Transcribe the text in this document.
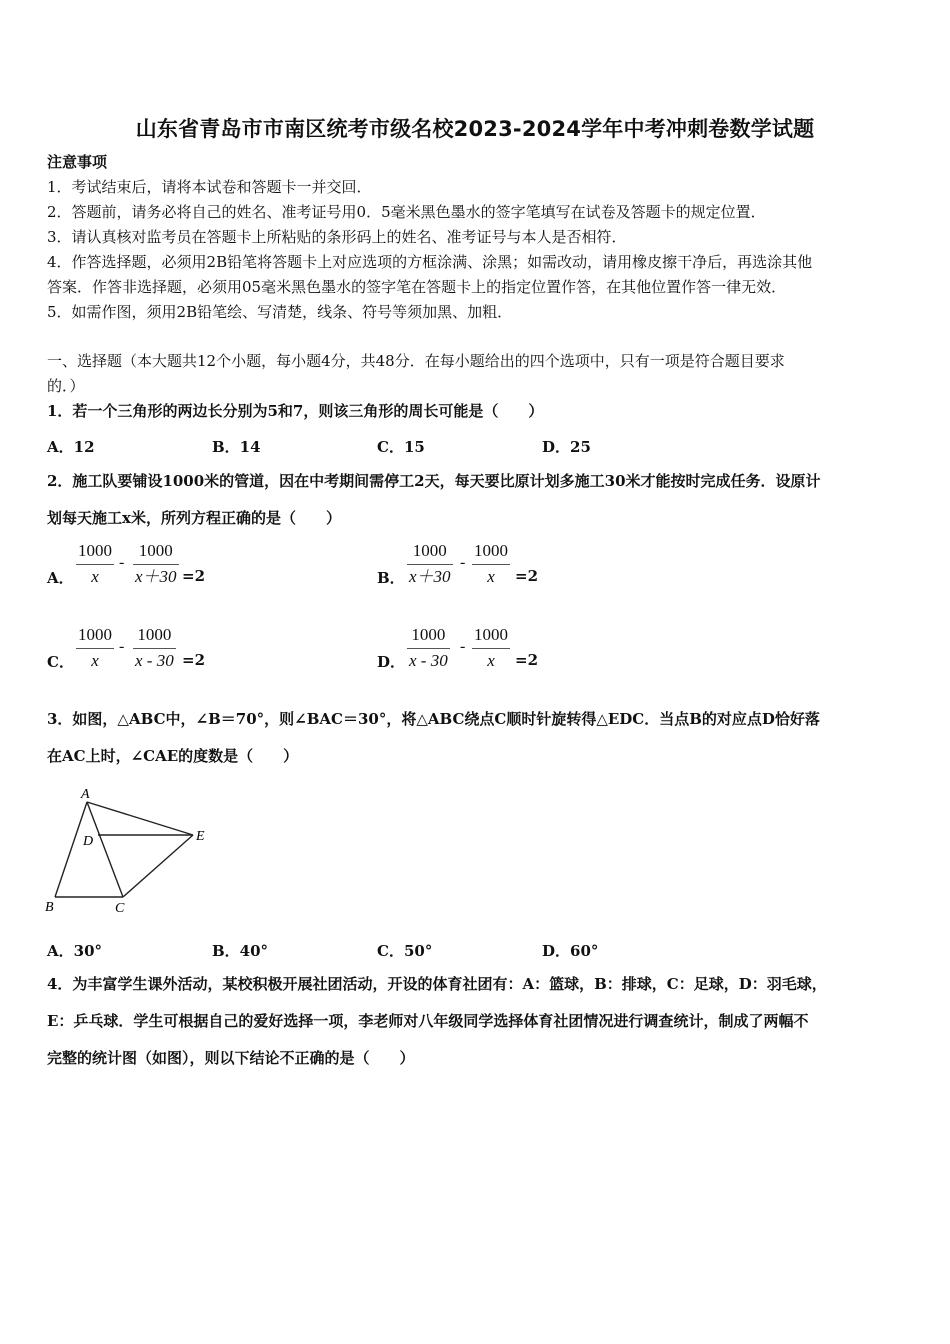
山东省青岛市市南区统考市级名校2023-2024学年中考冲刺卷数学试题
注意事项
1．考试结束后，请将本试卷和答题卡一并交回．
2．答题前，请务必将自己的姓名、准考证号用0．5毫米黑色墨水的签字笔填写在试卷及答题卡的规定位置．
3．请认真核对监考员在答题卡上所粘贴的条形码上的姓名、准考证号与本人是否相符．
4．作答选择题，必须用2B铅笔将答题卡上对应选项的方框涂满、涂黑；如需改动，请用橡皮擦干净后，再选涂其他
答案．作答非选择题，必须用05毫米黑色墨水的签字笔在答题卡上的指定位置作答，在其他位置作答一律无效．
5．如需作图，须用2B铅笔绘、写清楚，线条、符号等须加黑、加粗．
一、选择题（本大题共12个小题，每小题4分，共48分．在每小题给出的四个选项中，只有一项是符合题目要求
的．）
1．若一个三角形的两边长分别为5和7，则该三角形的周长可能是（　　）
A．12	B．14	C．15	D．25
2．施工队要铺设1000米的管道，因在中考期间需停工2天，每天要比原计划多施工30米才能按时完成任务．设原计
划每天施工x米，所列方程正确的是（　　）
A．
1000
x
-
1000
x＋30 =2	B．
1000
x＋30
-
1000
x =2
C．
1000
x
-
1000
x - 30 =2	D．
1000
x - 30
-
1000
x =2
3．如图，△ABC中，∠B＝70°，则∠BAC＝30°，将△ABC绕点C顺时针旋转得△EDC．当点B的对应点D恰好落
在AC上时，∠CAE的度数是（　　）
A
D	E
B	C
A．30°	B．40°	C．50°	D．60°
4．为丰富学生课外活动，某校积极开展社团活动，开设的体育社团有：A：篮球，B：排球，C：足球，D：羽毛球，
E：乒乓球．学生可根据自己的爱好选择一项，李老师对八年级同学选择体育社团情况进行调查统计，制成了两幅不
完整的统计图（如图），则以下结论不正确的是（　　）
